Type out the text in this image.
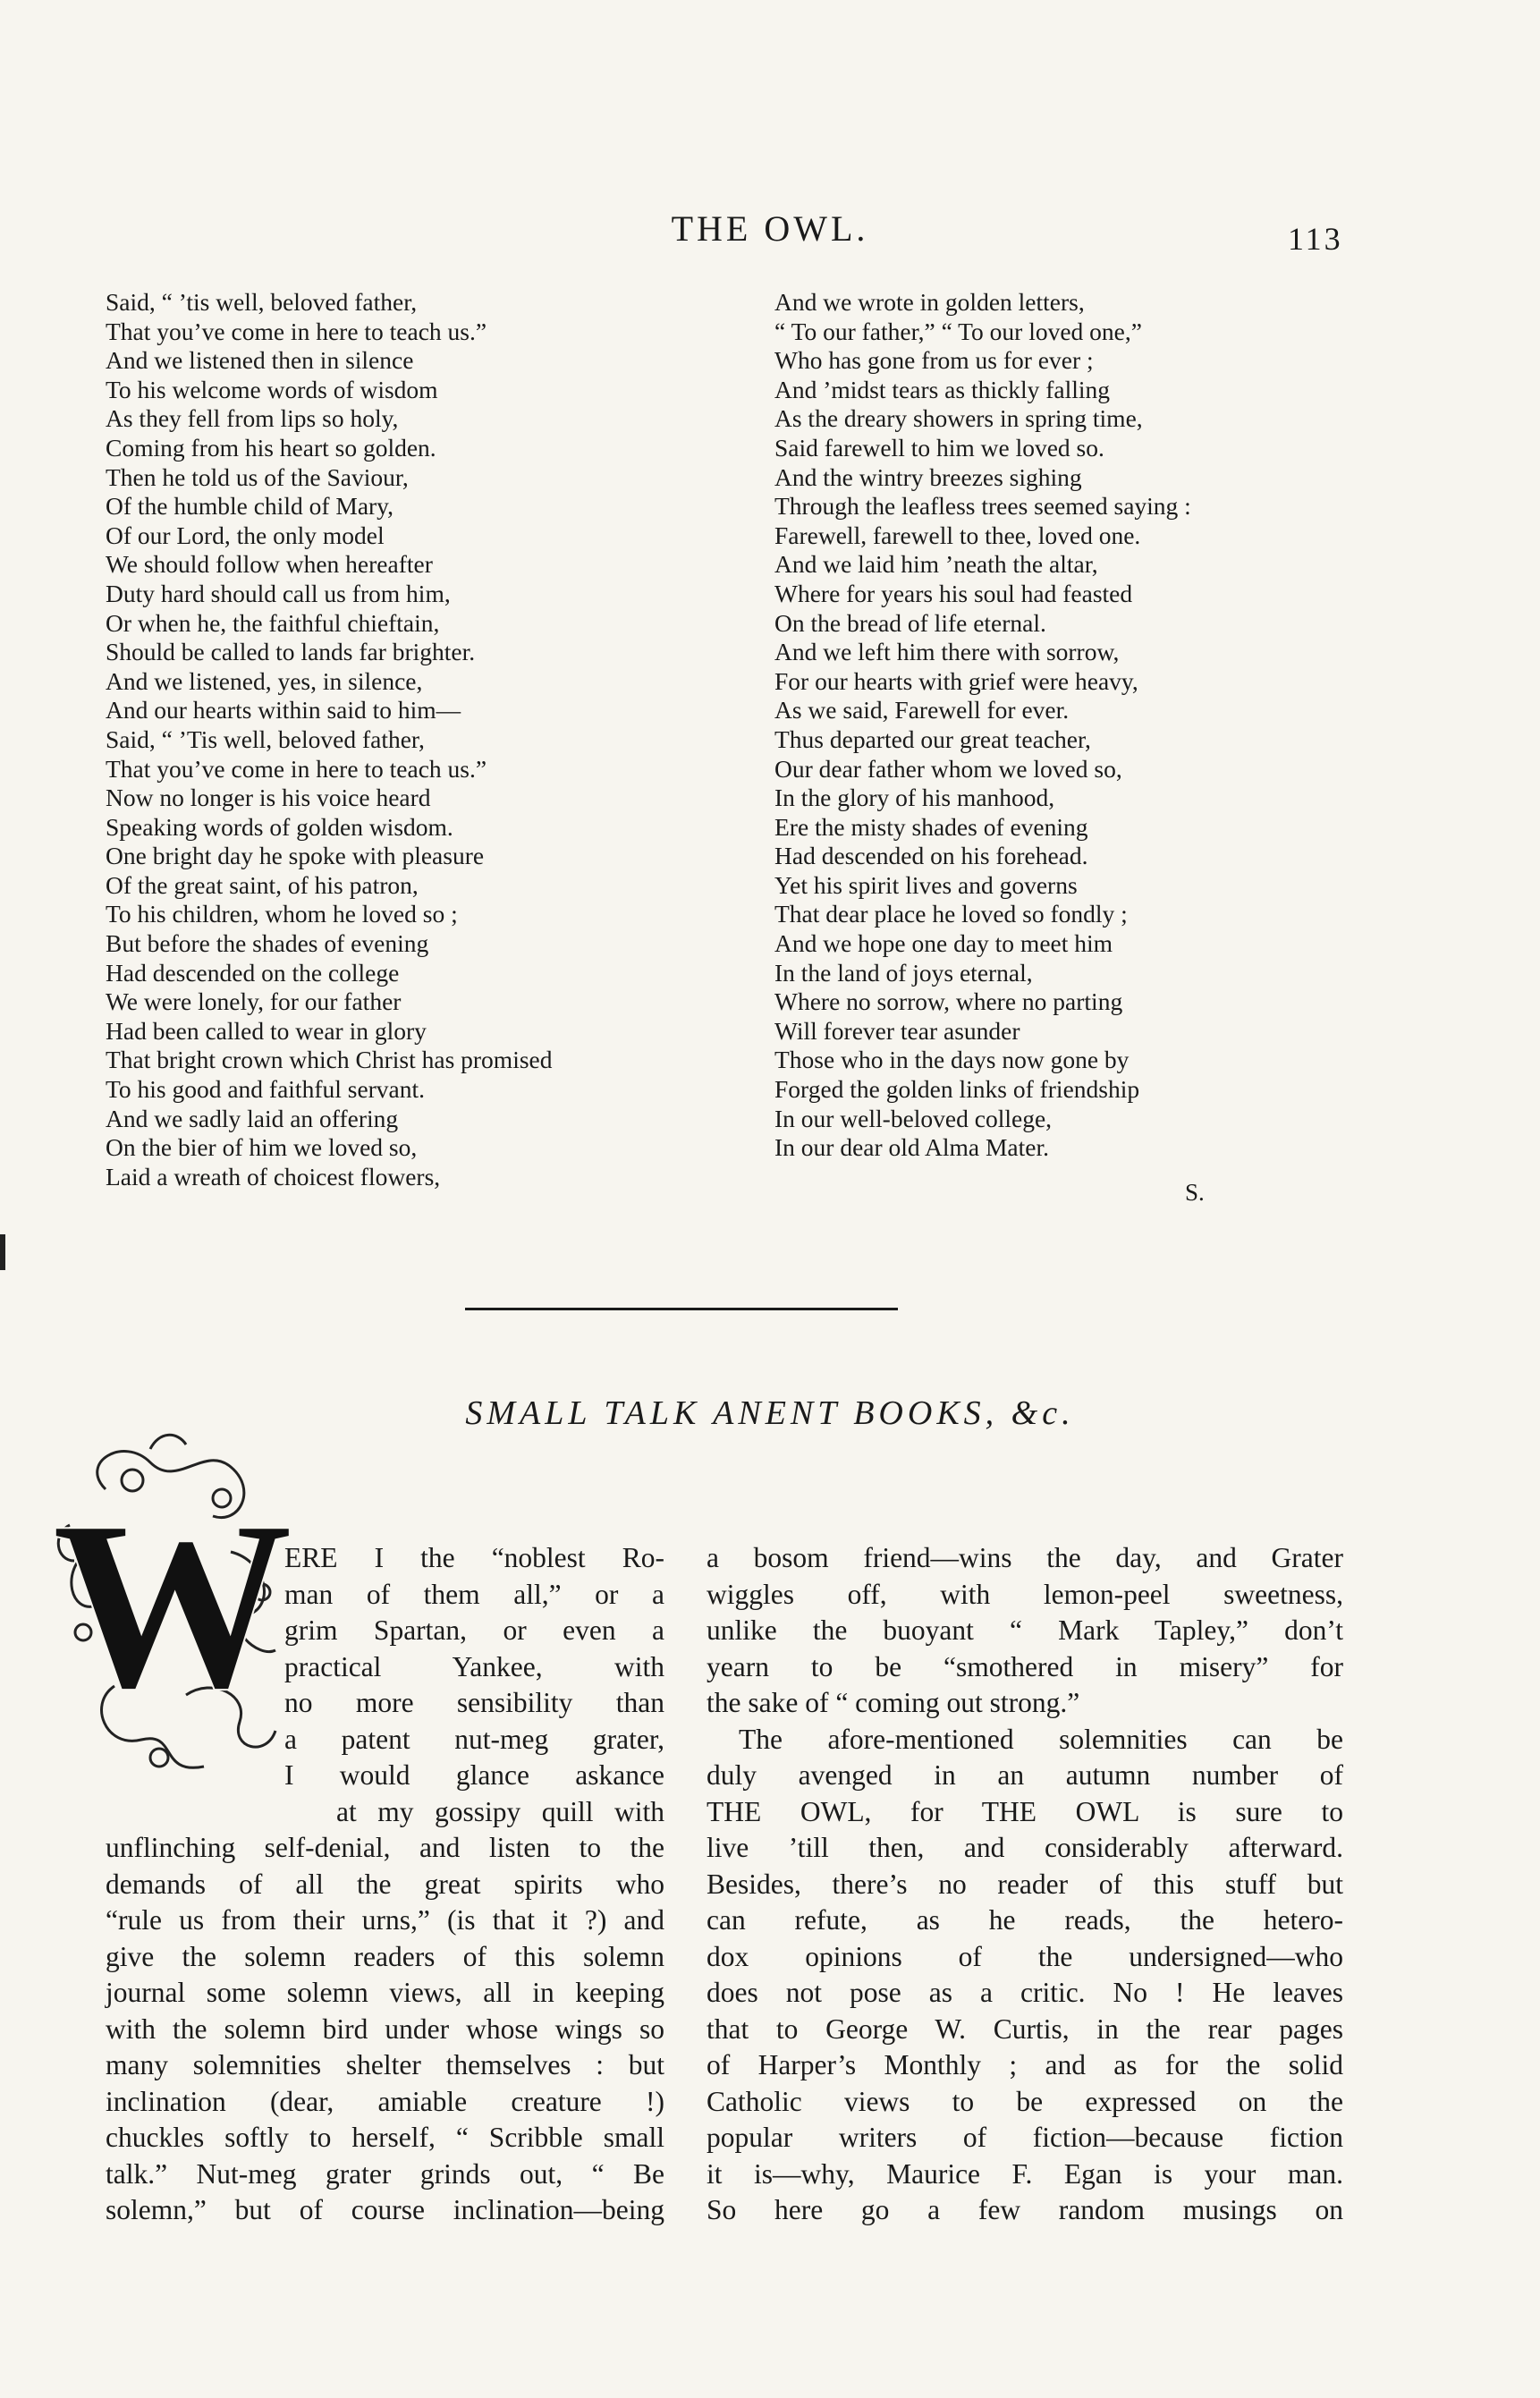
THE OWL.	113
Said, “ ’tis well, beloved father,
That you’ve come in here to teach us.”
And we listened then in silence
To his welcome words of wisdom
As they fell from lips so holy,
Coming from his heart so golden.
Then he told us of the Saviour,
Of the humble child of Mary,
Of our Lord, the only model
We should follow when hereafter
Duty hard should call us from him,
Or when he, the faithful chieftain,
Should be called to lands far brighter.
And we listened, yes, in silence,
And our hearts within said to him—
Said, “ ’Tis well, beloved father,
That you’ve come in here to teach us.”
Now no longer is his voice heard
Speaking words of golden wisdom.
One bright day he spoke with pleasure
Of the great saint, of his patron,
To his children, whom he loved so ;
But before the shades of evening
Had descended on the college
We were lonely, for our father
Had been called to wear in glory
That bright crown which Christ has promised
To his good and faithful servant.
And we sadly laid an offering
On the bier of him we loved so,
Laid a wreath of choicest flowers,
And we wrote in golden letters,
“ To our father,” “ To our loved one,”
Who has gone from us for ever ;
And ’midst tears as thickly falling
As the dreary showers in spring time,
Said farewell to him we loved so.
And the wintry breezes sighing
Through the leafless trees seemed saying :
Farewell, farewell to thee, loved one.
And we laid him ’neath the altar,
Where for years his soul had feasted
On the bread of life eternal.
And we left him there with sorrow,
For our hearts with grief were heavy,
As we said, Farewell for ever.
Thus departed our great teacher,
Our dear father whom we loved so,
In the glory of his manhood,
Ere the misty shades of evening
Had descended on his forehead.
Yet his spirit lives and governs
That dear place he loved so fondly ;
And we hope one day to meet him
In the land of joys eternal,
Where no sorrow, where no parting
Will forever tear asunder
Those who in the days now gone by
Forged the golden links of friendship
In our well-beloved college,
In our dear old Alma Mater.
S.
SMALL TALK ANENT BOOKS, &c.
W
ERE I the “noblest Ro-
man of them all,” or a
grim Spartan, or even a
practical Yankee, with
no more sensibility than
a patent nut-meg grater,
I would glance askance
at my gossipy quill with
unflinching self-denial, and listen to the
demands of all the great spirits who
“rule us from their urns,” (is that it ?) and
give the solemn readers of this solemn
journal some solemn views, all in keeping
with the solemn bird under whose wings so
many solemnities shelter themselves : but
inclination (dear, amiable creature !)
chuckles softly to herself, “ Scribble small
talk.” Nut-meg grater grinds out, “ Be
solemn,” but of course inclination—being
a bosom friend—wins the day, and Grater
wiggles off, with lemon-peel sweetness,
unlike the buoyant “ Mark Tapley,” don’t
yearn to be “smothered in misery” for
the sake of “ coming out strong.”
The afore-mentioned solemnities can be
duly avenged in an autumn number of
THE OWL, for THE OWL is sure to
live ’till then, and considerably afterward.
Besides, there’s no reader of this stuff but
can refute, as he reads, the hetero-
dox opinions of the undersigned—who
does not pose as a critic. No ! He leaves
that to George W. Curtis, in the rear pages
of Harper’s Monthly ; and as for the solid
Catholic views to be expressed on the
popular writers of fiction—because fiction
it is—why, Maurice F. Egan is your man.
So here go a few random musings on
